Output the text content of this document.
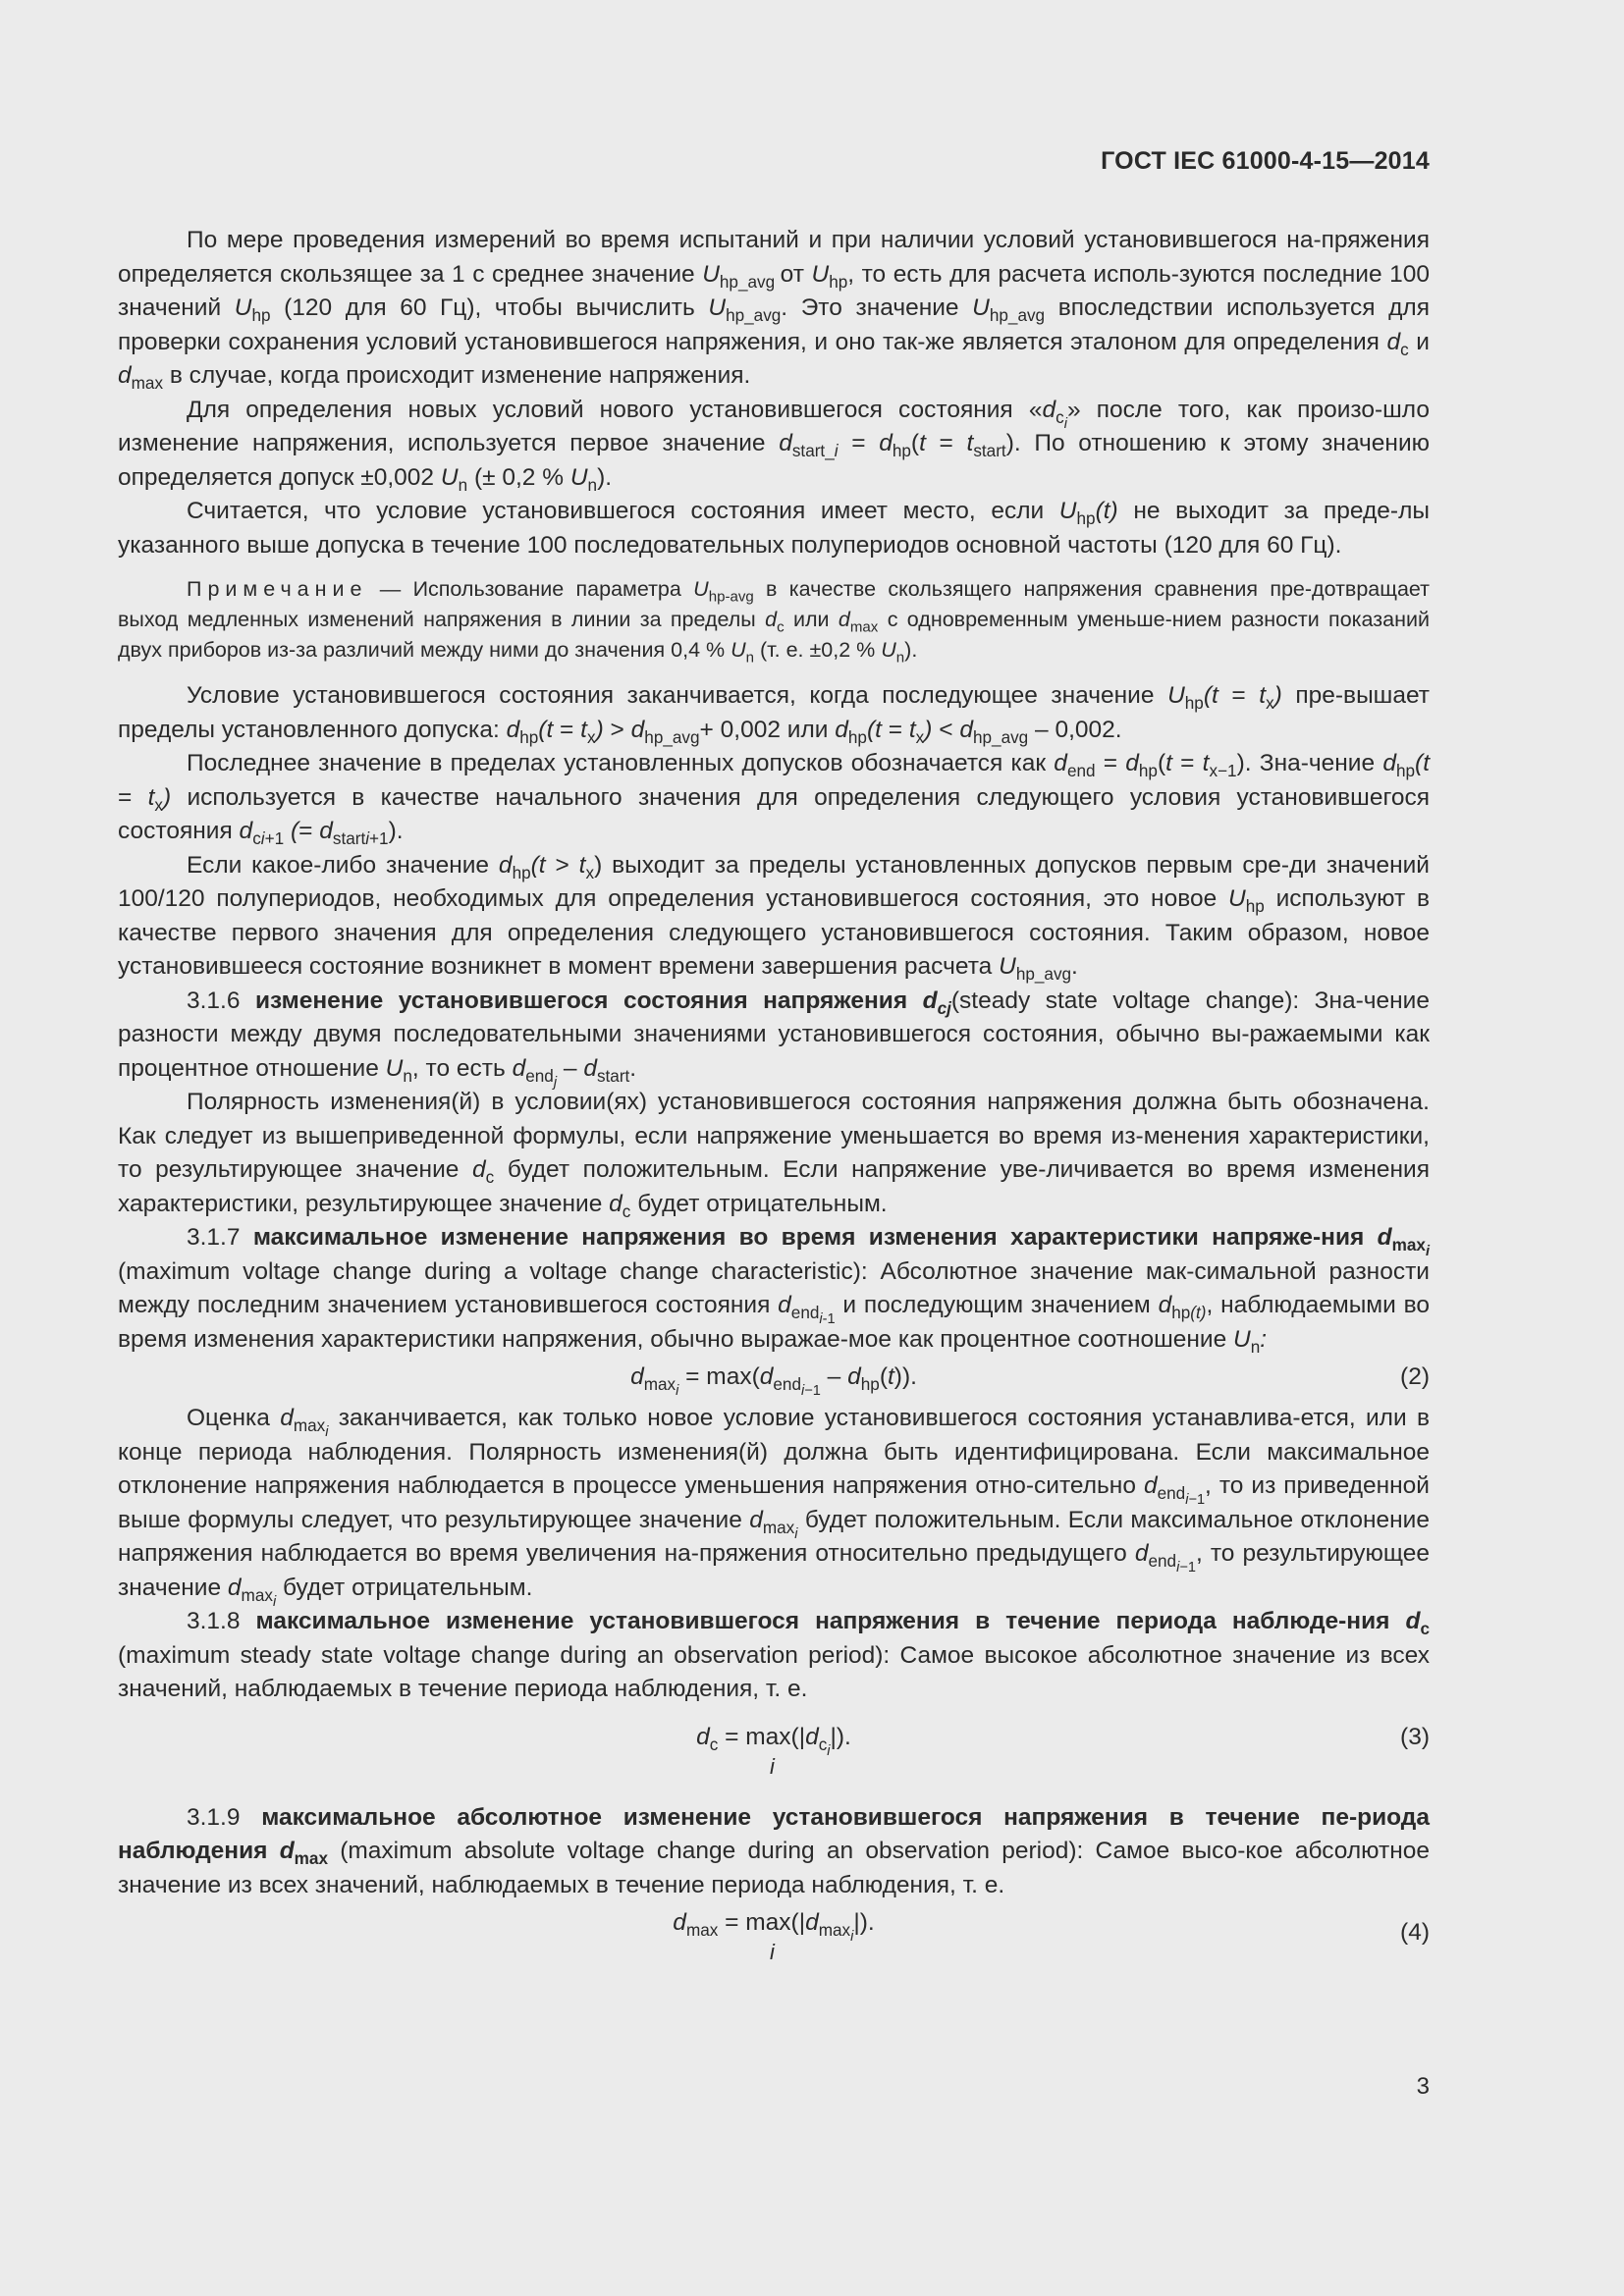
ГОСТ IEC 61000-4-15—2014

По мере проведения измерений во время испытаний и при наличии условий установившегося на-пряжения определяется скользящее за 1 с среднее значение $U_{hp\_avg}$ от $U_{hp}$, то есть для расчета исполь-зуются последние 100 значений $U_{hp}$ (120 для 60 Гц), чтобы вычислить $U_{hp\_avg}$. Это значение $U_{hp\_avg}$ впоследствии используется для проверки сохранения условий установившегося напряжения, и оно так-же является эталоном для определения $d_c$ и $d_{max}$ в случае, когда происходит изменение напряжения.

Для определения новых условий нового установившегося состояния «$d_{c_i}$» после того, как произо-шло изменение напряжения, используется первое значение $d_{start\_i} = d_{hp}(t = t_{start})$. По отношению к этому значению определяется допуск ±0,002 $U_n$ (± 0,2 % $U_n$).

Считается, что условие установившегося состояния имеет место, если $U_{hp}(t)$ не выходит за преде-лы указанного выше допуска в течение 100 последовательных полупериодов основной частоты (120 для 60 Гц).

Примечание — Использование параметра $U_{hp-avg}$ в качестве скользящего напряжения сравнения пре-дотвращает выход медленных изменений напряжения в линии за пределы $d_c$ или $d_{max}$ с одновременным уменьше-нием разности показаний двух приборов из-за различий между ними до значения 0,4 % $U_n$ (т. е. ±0,2 % $U_n$).

Условие установившегося состояния заканчивается, когда последующее значение $U_{hp}(t = t_x)$ пре-вышает пределы установленного допуска: $d_{hp}(t = t_x) > d_{hp\_avg}+ 0,002$ или $d_{hp}(t = t_x) < d_{hp\_avg} - 0,002$.

Последнее значение в пределах установленных допусков обозначается как $d_{end} = d_{hp}(t = t_{x-1})$. Зна-чение $d_{hp}(t = t_x)$ используется в качестве начального значения для определения следующего условия установившегося состояния $d_{ci+1}$ (= $d_{starti+1}$).

Если какое-либо значение $d_{hp}(t > t_x)$ выходит за пределы установленных допусков первым сре-ди значений 100/120 полупериодов, необходимых для определения установившегося состояния, это новое $U_{hp}$ используют в качестве первого значения для определения следующего установившегося состояния. Таким образом, новое установившееся состояние возникнет в момент времени завершения расчета $U_{hp\_avg}$.

3.1.6 изменение установившегося состояния напряжения $d_{cj}(steady$ state voltage change): Зна-чение разности между двумя последовательными значениями установившегося состояния, обычно вы-ражаемыми как процентное отношение $U_n$, то есть $d_{end_j} - d_{start}$.

Полярность изменения(й) в условии(ях) установившегося состояния напряжения должна быть обозначена. Как следует из вышеприведенной формулы, если напряжение уменьшается во время из-менения характеристики, то результирующее значение $d_c$ будет положительным. Если напряжение уве-личивается во время изменения характеристики, результирующее значение $d_c$ будет отрицательным.

3.1.7 максимальное изменение напряжения во время изменения характеристики напряже-ния $d_{max_i}$ (maximum voltage change during a voltage change characteristic): Абсолютное значение мак-симальной разности между последним значением установившегося состояния $d_{end_{i-1}}$ и последующим значением $d_{hp(t)}$, наблюдаемыми во время изменения характеристики напряжения, обычно выражае-мое как процентное соотношение $U_n$:

$d_{max_i} = \max(d_{end_{i-1}} - d_{hp}(t))$.	(2)

Оценка $d_{max_i}$ заканчивается, как только новое условие установившегося состояния устанавлива-ется, или в конце периода наблюдения. Полярность изменения(й) должна быть идентифицирована. Если максимальное отклонение напряжения наблюдается в процессе уменьшения напряжения отно-сительно $d_{end_{i-1}}$, то из приведенной выше формулы следует, что результирующее значение $d_{max_i}$ будет положительным. Если максимальное отклонение напряжения наблюдается во время увеличения на-пряжения относительно предыдущего $d_{end_{i-1}}$, то результирующее значение $d_{max_i}$ будет отрицательным.

3.1.8 максимальное изменение установившегося напряжения в течение периода наблюде-ния $d_c$ (maximum steady state voltage change during an observation period): Самое высокое абсолютное значение из всех значений, наблюдаемых в течение периода наблюдения, т. е.

$d_c = \max(|d_{c_i}|)$.
i
(3)

3.1.9 максимальное абсолютное изменение установившегося напряжения в течение пе-риода наблюдения $d_{max}$ (maximum absolute voltage change during an observation period): Самое высо-кое абсолютное значение из всех значений, наблюдаемых в течение периода наблюдения, т. е.

$d_{max} = \max(|d_{max_i}|)$.
i
(4)
3
